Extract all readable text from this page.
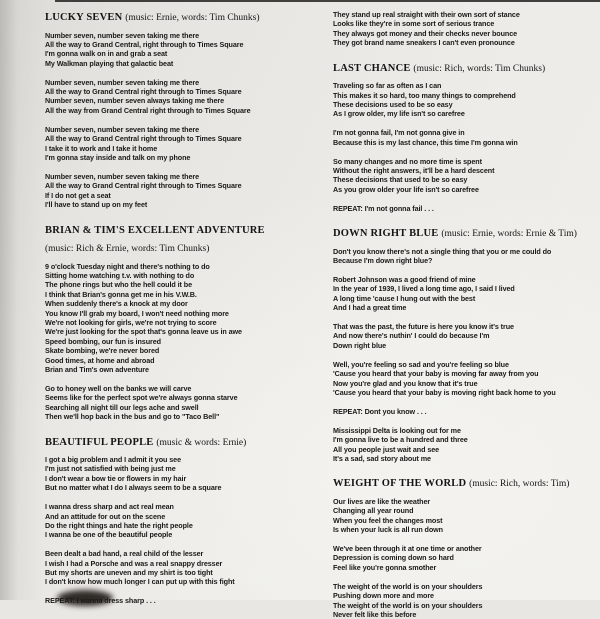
LUCKY SEVEN (music: Ernie, words: Tim Chunks)
Number seven, number seven taking me there
All the way to Grand Central, right through to Times Square
I'm gonna walk on in and grab a seat
My Walkman playing that galactic beat
Number seven, number seven taking me there
All the way to Grand Central right through to Times Square
Number seven, number seven always taking me there
All the way from Grand Central right through to Times Square
Number seven, number seven taking me there
All the way to Grand Central right through to Times Square
I take it to work and I take it home
I'm gonna stay inside and talk on my phone
Number seven, number seven taking me there
All the way to Grand Central right through to Times Square
If I do not get a seat
I'll have to stand up on my feet
BRIAN & TIM'S EXCELLENT ADVENTURE
(music: Rich & Ernie, words: Tim Chunks)
9 o'clock Tuesday night and there's nothing to do
Sitting home watching t.v. with nothing to do
The phone rings but who the hell could it be
I think that Brian's gonna get me in his V.W.B.
When suddenly there's a knock at my door
You know I'll grab my board, I won't need nothing more
We're not looking for girls, we're not trying to score
We're just looking for the spot that's gonna leave us in awe
Speed bombing, our fun is insured
Skate bombing, we're never bored
Good times, at home and abroad
Brian and Tim's own adventure
Go to honey well on the banks we will carve
Seems like for the perfect spot we're always gonna starve
Searching all night till our legs ache and swell
Then we'll hop back in the bus and go to "Taco Bell"
BEAUTIFUL PEOPLE (music & words: Ernie)
I got a big problem and I admit it you see
I'm just not satisfied with being just me
I don't wear a bow tie or flowers in my hair
But no matter what I do I always seem to be a square
I wanna dress sharp and act real mean
And an attitude for out on the scene
Do the right things and hate the right people
I wanna be one of the beautiful people
Been dealt a bad hand, a real child of the lesser
I wish I had a Porsche and was a real snappy dresser
But my shorts are uneven and my shirt is too tight
I don't know how much longer I can put up with this fight
REPEAT: I wanna dress sharp . . .
They stand up real straight with their own sort of stance
Looks like they're in some sort of serious trance
They always got money and their checks never bounce
They got brand name sneakers I can't even pronounce
LAST CHANCE (music: Rich, words: Tim Chunks)
Traveling so far as often as I can
This makes it so hard, too many things to comprehend
These decisions used to be so easy
As I grow older, my life isn't so carefree
I'm not gonna fail, I'm not gonna give in
Because this is my last chance, this time I'm gonna win
So many changes and no more time is spent
Without the right answers, it'll be a hard descent
These decisions that used to be so easy
As you grow older your life isn't so carefree
REPEAT: I'm not gonna fail . . .
DOWN RIGHT BLUE (music: Ernie, words: Ernie & Tim)
Don't you know there's not a single thing that you or me could do
Because I'm down right blue?
Robert Johnson was a good friend of mine
In the year of 1939, I lived a long time ago, I said I lived
A long time 'cause I hung out with the best
And I had a great time
That was the past, the future is here you know it's true
And now there's nuthin' I could do because I'm
Down right blue
Well, you're feeling so sad and you're feeling so blue
'Cause you heard that your baby is moving far away from you
Now you're glad and you know that it's true
'Cause you heard that your baby is moving right back home to you
REPEAT: Dont you know . . .
Mississippi Delta is looking out for me
I'm gonna live to be a hundred and three
All you people just wait and see
It's a sad, sad story about me
WEIGHT OF THE WORLD (music: Rich, words: Tim)
Our lives are like the weather
Changing all year round
When you feel the changes most
Is when your luck is all run down
We've been through it at one time or another
Depression is coming down so hard
Feel like you're gonna smother
The weight of the world is on your shoulders
Pushing down more and more
The weight of the world is on your shoulders
Never felt like this before
